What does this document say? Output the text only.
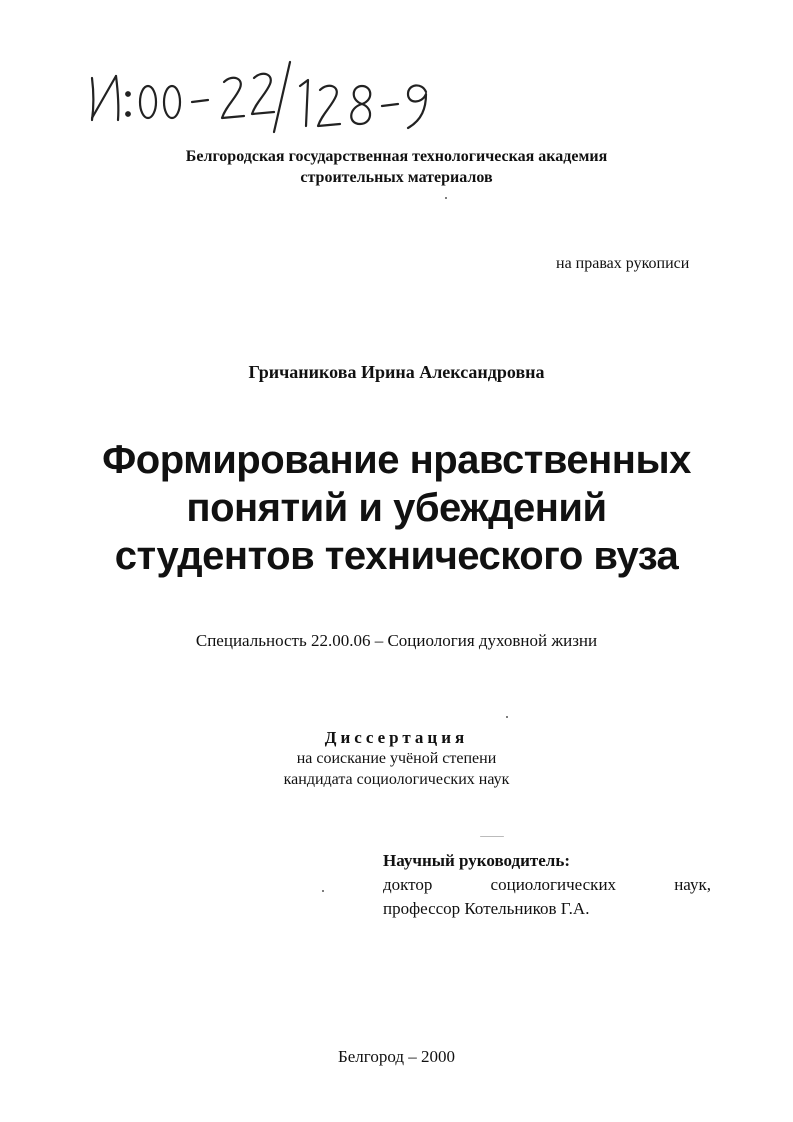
Белгородская государственная технологическая академия
строительных материалов
на правах рукописи
Гричаникова Ирина Александровна
Формирование нравственных
понятий и убеждений
студентов технического вуза
Специальность 22.00.06 – Социология духовной жизни
Диссертация
на соискание учёной степени
кандидата социологических наук
Научный руководитель:
доктор	социологических	наук,
профессор Котельников Г.А.
Белгород – 2000
